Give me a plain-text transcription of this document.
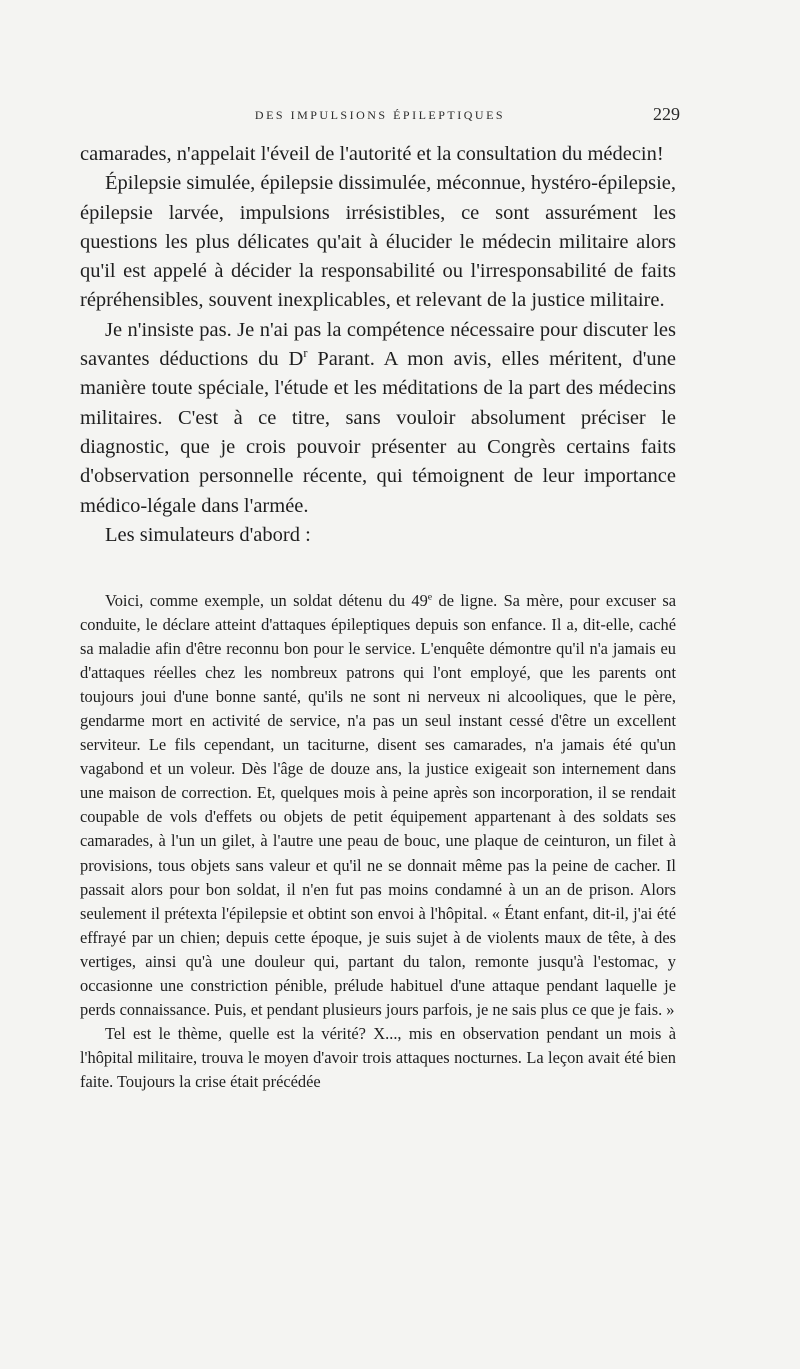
DES IMPULSIONS ÉPILEPTIQUES	229

camarades, n'appelait l'éveil de l'autorité et la consultation du médecin!

Épilepsie simulée, épilepsie dissimulée, méconnue, hystéro-épilepsie, épilepsie larvée, impulsions irrésistibles, ce sont assurément les questions les plus délicates qu'ait à élucider le médecin militaire alors qu'il est appelé à décider la responsabilité ou l'irresponsabilité de faits répréhensibles, souvent inexplicables, et relevant de la justice militaire.

Je n'insiste pas. Je n'ai pas la compétence nécessaire pour discuter les savantes déductions du $D^r$ Parant. A mon avis, elles méritent, d'une manière toute spéciale, l'étude et les méditations de la part des médecins militaires. C'est à ce titre, sans vouloir absolument préciser le diagnostic, que je crois pouvoir présenter au Congrès certains faits d'observation personnelle récente, qui témoignent de leur importance médico-légale dans l'armée.

Les simulateurs d'abord :

Voici, comme exemple, un soldat détenu du 49e de ligne. Sa mère, pour excuser sa conduite, le déclare atteint d'attaques épileptiques depuis son enfance. Il a, dit-elle, caché sa maladie afin d'être reconnu bon pour le service. L'enquête démontre qu'il n'a jamais eu d'attaques réelles chez les nombreux patrons qui l'ont employé, que les parents ont toujours joui d'une bonne santé, qu'ils ne sont ni nerveux ni alcooliques, que le père, gendarme mort en activité de service, n'a pas un seul instant cessé d'être un excellent serviteur. Le fils cependant, un taciturne, disent ses camarades, n'a jamais été qu'un vagabond et un voleur. Dès l'âge de douze ans, la justice exigeait son internement dans une maison de correction. Et, quelques mois à peine après son incorporation, il se rendait coupable de vols d'effets ou objets de petit équipement appartenant à des soldats ses camarades, à l'un un gilet, à l'autre une peau de bouc, une plaque de ceinturon, un filet à provisions, tous objets sans valeur et qu'il ne se donnait même pas la peine de cacher. Il passait alors pour bon soldat, il n'en fut pas moins condamné à un an de prison. Alors seulement il prétexta l'épilepsie et obtint son envoi à l'hôpital. « Étant enfant, dit-il, j'ai été effrayé par un chien; depuis cette époque, je suis sujet à de violents maux de tête, à des vertiges, ainsi qu'à une douleur qui, partant du talon, remonte jusqu'à l'estomac, y occasionne une constriction pénible, prélude habituel d'une attaque pendant laquelle je perds connaissance. Puis, et pendant plusieurs jours parfois, je ne sais plus ce que je fais. »

Tel est le thème, quelle est la vérité? X..., mis en observation pendant un mois à l'hôpital militaire, trouva le moyen d'avoir trois attaques nocturnes. La leçon avait été bien faite. Toujours la crise était précédée
